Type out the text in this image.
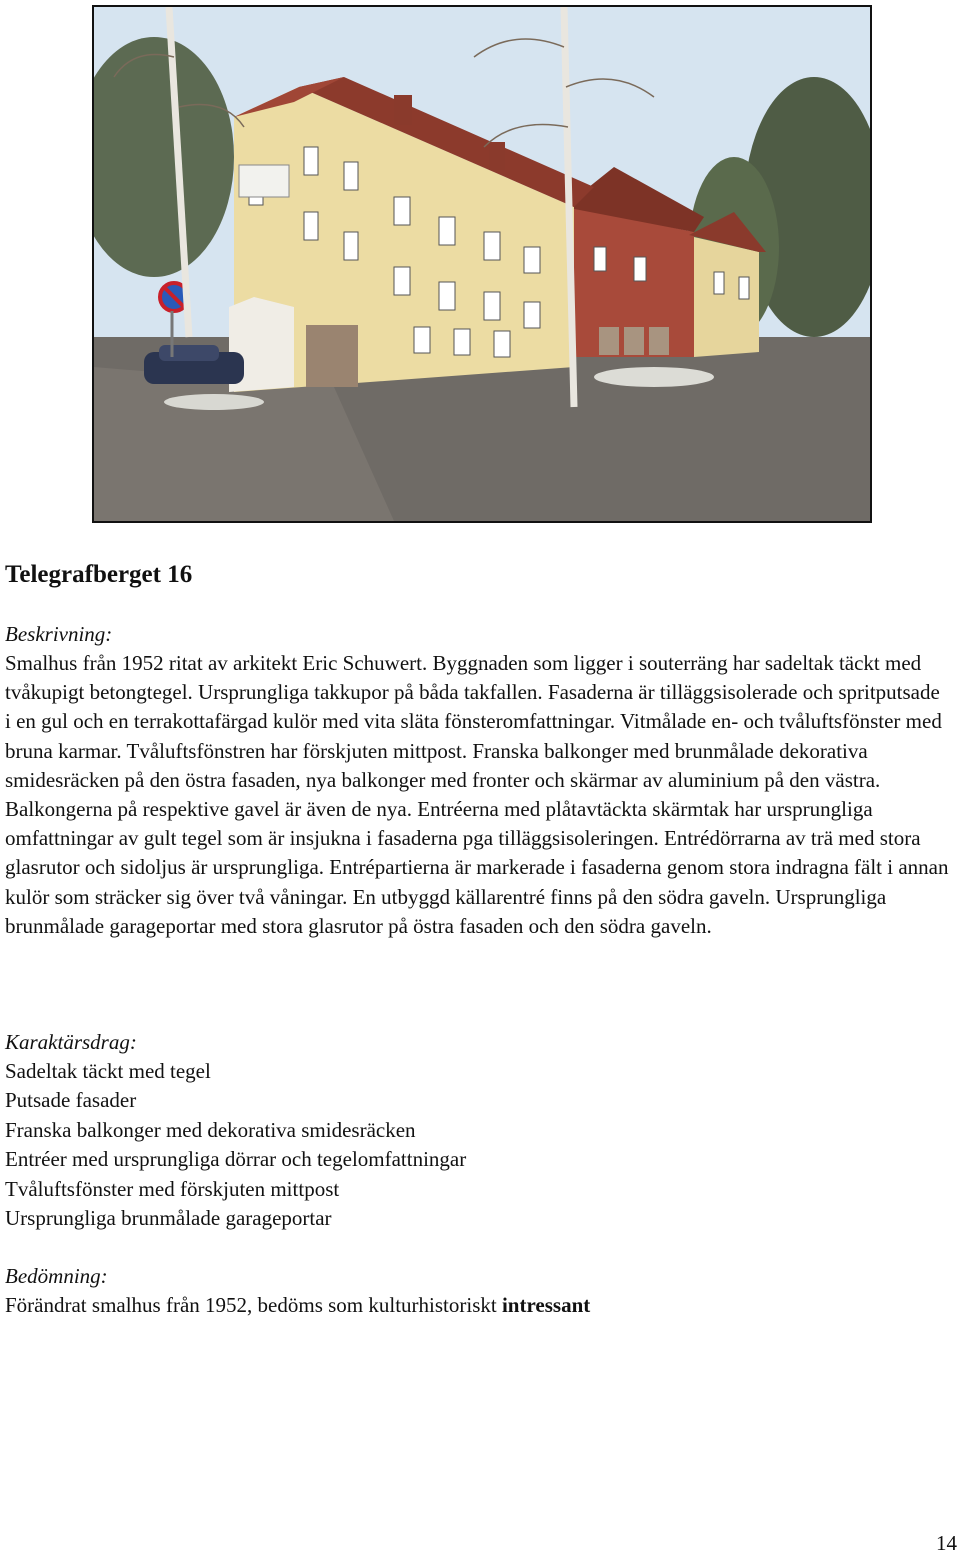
Telegrafberget 16
Beskrivning:
Smalhus från 1952 ritat av arkitekt Eric Schuwert. Byggnaden som ligger i souterräng har sadeltak täckt med tvåkupigt betongtegel. Ursprungliga takkupor på båda takfallen. Fasaderna är tilläggsisolerade och spritputsade i en gul och en terrakottafärgad kulör med vita släta fönsteromfattningar. Vitmålade en- och tvåluftsfönster med bruna karmar. Tvåluftsfönstren har förskjuten mittpost. Franska balkonger med brunmålade dekorativa smidesräcken på den östra fasaden, nya balkonger med fronter och skärmar av aluminium på den västra. Balkongerna på respektive gavel är även de nya. Entréerna med plåtavtäckta skärmtak har ursprungliga omfattningar av gult tegel som är insjukna i fasaderna pga tilläggsisoleringen. Entrédörrarna av trä med stora glasrutor och sidoljus är ursprungliga. Entrépartierna är markerade i fasaderna genom stora indragna fält i annan kulör som sträcker sig över två våningar. En utbyggd källarentré finns på den södra gaveln. Ursprungliga brunmålade garageportar med stora glasrutor på östra fasaden och den södra gaveln.
Karaktärsdrag:
Sadeltak täckt med tegel
Putsade fasader
Franska balkonger med dekorativa smidesräcken
Entréer med ursprungliga dörrar och tegelomfattningar
Tvåluftsfönster med förskjuten mittpost
Ursprungliga brunmålade garageportar
Bedömning:
Förändrat smalhus från 1952, bedöms som kulturhistoriskt intressant
14
